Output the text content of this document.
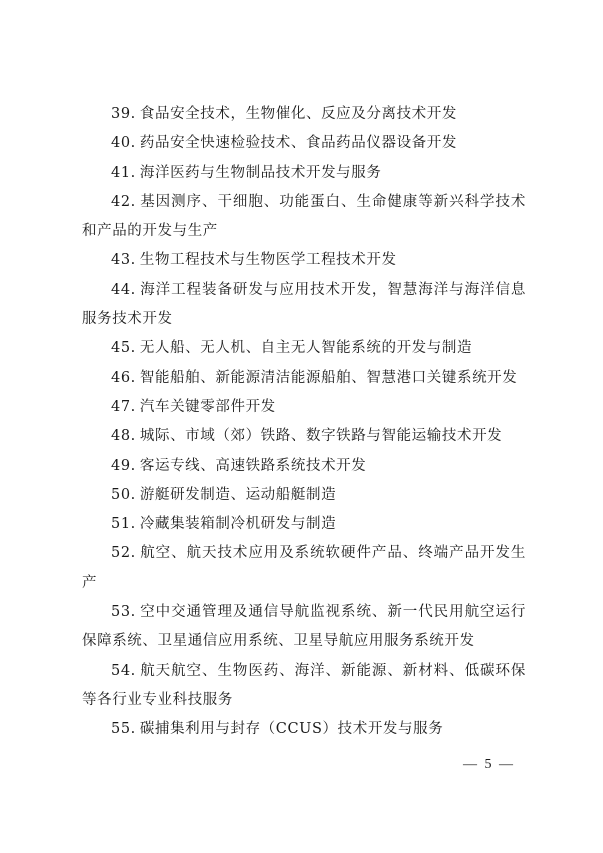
39. 食品安全技术，生物催化、反应及分离技术开发

40. 药品安全快速检验技术、食品药品仪器设备开发

41. 海洋医药与生物制品技术开发与服务

42. 基因测序、干细胞、功能蛋白、生命健康等新兴科学技术和产品的开发与生产

43. 生物工程技术与生物医学工程技术开发

44. 海洋工程装备研发与应用技术开发，智慧海洋与海洋信息服务技术开发

45. 无人船、无人机、自主无人智能系统的开发与制造

46. 智能船舶、新能源清洁能源船舶、智慧港口关键系统开发

47. 汽车关键零部件开发

48. 城际、市域（郊）铁路、数字铁路与智能运输技术开发

49. 客运专线、高速铁路系统技术开发

50. 游艇研发制造、运动船艇制造

51. 冷藏集装箱制冷机研发与制造

52. 航空、航天技术应用及系统软硬件产品、终端产品开发生产

53. 空中交通管理及通信导航监视系统、新一代民用航空运行保障系统、卫星通信应用系统、卫星导航应用服务系统开发

54. 航天航空、生物医药、海洋、新能源、新材料、低碳环保等各行业专业科技服务

55. 碳捕集利用与封存（CCUS）技术开发与服务

— 5 —
